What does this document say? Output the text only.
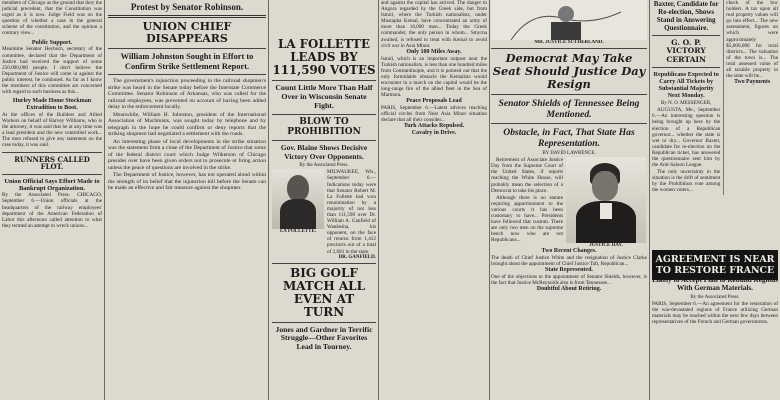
members of Chicago as the ground that they the judicial precedent, that the Constitution was urged as it is now. Judge Field was on the question of whether a case in the general scheme of the constitution, and the opinion a contrary view...
Public Support.
Meantime Senator Heyburn, secretary of the committee, declared that the Department of Justice had received the support of some 250,000,000 people. I don't believe the Department of Justice will come in against the public interest, he continued. As far as I know the members of this committee are concerned with regard to such business as this...
Hurley Made Home Stockman
Extradition to Boot.
At the offices of the Builders and Allied Workers on behalf of Harvey Williams, who is the attorney, it was said that he at any time was a lead president and the new controlled work... The men refused to give any statement on the case today, it was said.
RUNNERS CALLED FLOT.
Union Official Says Effort Made to Bankrupt Organization.
By the Associated Press. CHICAGO, September 6.—Union officials at the headquarters of the railway employees' department of the American Federation of Labor this afternoon called attention to what they termed an attempt to wreck unions...
Protest by Senator Robinson.
UNION CHIEF DISAPPEARS
William Johnston Sought in Effort to Confirm Strike Settlement Report.

The government's injunction proceeding in the railroad shopmen's strike was heard in the Senate today before the Interstate Commerce Committee. Senator Robinson of Arkansas, who was called for the railroad employees, was prevented on account of having been added delay in the enforcement locally.

Meanwhile, William H. Johnston, president of the International Association of Machinists, was sought today by telephone and by telegraph in the hope he could confirm or deny reports that the striking shopmen had negotiated a settlement with the roads.

An interesting phase of local developments in the strike situation was the statement from a close of the Department of Justice that some of the federal district court which Judge Wilkerson of Chicago presides over have been given orders not to prosecute or bring action unless the peace of questions are involved in the strike.

The Department of Justice, however, has not operated aloud within the strength of its belief that the injunction bill before the Senate can be made an effective and fair measure against the shopmen.

LA FOLLETTE LEADS BY 111,590 VOTES
Count Little More Than Half Over in Wisconsin Senate Fight.
BLOW TO PROHIBITION
Gov. Blaine Shows Decisive Victory Over Opponents.
By the Associated Press.
LA FOLLETTE.
MILWAUKEE, Wis., September 6.—Indications today were that Senator Robert M. La Follette had won renomination by a majority of not less than 111,590 over Dr. William A. Ganfield of Waukesha, his opponent, on the face of returns from 1,412 precincts out of a total of 2,681 in the state.
DR. GANFIELD.
BIG GOLF MATCH ALL EVEN AT TURN
Jones and Gardner in Terrific Struggle—Other Favorites Lead in Tourney.
and against the capital has arrived. The danger to Angora regarded by the Greek side, but from Ismid, where the Turkish nationalists, under Mustapha Kemal, have concentrated an army of more than 16,000 men... Today the Greek commander, the only person in whom... Smyrna awaited, is refused to treat with Kemal to avoid civil war in Asia Minor.
Only 100 Miles Away.
Ismid, which is an important outpost near the Turkish nationalists, is less than one hundred miles from Constantinople, and it is pointed out that the only formidable obstacle the Kemalists would encounter in a march on the capital would be the long-range fire of the allied fleet in the Sea of Marmora.
Peace Proposals Lead
PARIS, September 6.—Latest advices reaching official circles from Near Asia Minor situation declare that all their consider...
Turk Attacks Repulsed.
Cavalry in Drive.
MR. JUSTICE SUTHERLAND.
Democrat May Take Seat Should Justice Day Resign
Senator Shields of Tennessee Being Mentioned.
Obstacle, in Fact, That State Has Representation.
BY DAVID LAWRENCE.

Retirement of Associate Justice Day from the Supreme Court of the United States, if reports reaching the White House, will probably mean the selection of a Democrat to take his place.

Although there is no statute requiring apportionment to the various courts it has been customary to have... Presidents have followed that custom. There are only two men on the supreme bench now who are not Republicans...

JUSTICE DAY.
Two Recent Changes.
The death of Chief Justice White and the resignation of Justice Clarke brought about the appointment of Chief Justice Taft, Republican...
State Represented.
One of the objections to the appointment of Senator Shields, however, is the fact that Justice McReynolds also is from Tennessee...
Doubtful About Retiring.
Baxter, Candidate for Re-election, Shows Stand in Answering Questionnaire.
G. O. P. VICTORY CERTAIN
Republicans Expected to Carry All Tickets by Substantial Majority Next Monday.
By N. O. MESSENGER,

AUGUSTA, Me., September 6.—An interesting question is being brought up here by the election of a Republican governor... whether the state is wet or dry... Governor Baxter, candidate for re-election on the Republican ticket, has answered the questionnaire sent him by the Anti-Saloon League.

The only uncertainty in the situation is the drift of sentiment by the Prohibition vote among the women voters...

check of the low holders. A tax upon all real property values will go into effect... The new assessment, figures on which were approximately $5,000,000 for rural districts... The valuation of the town is... The total assessed value of all taxable property in the state will be...
Two Payments
AGREEMENT IS NEAR TO RESTORE FRANCE
Likely to Accept Plan to Rebuild Regions With German Materials.
By the Associated Press.
PARIS, September 6.—An agreement for the restoration of the war-devastated regions of France utilizing German materials may be reached within the next few days between representatives of the French and German governments.
